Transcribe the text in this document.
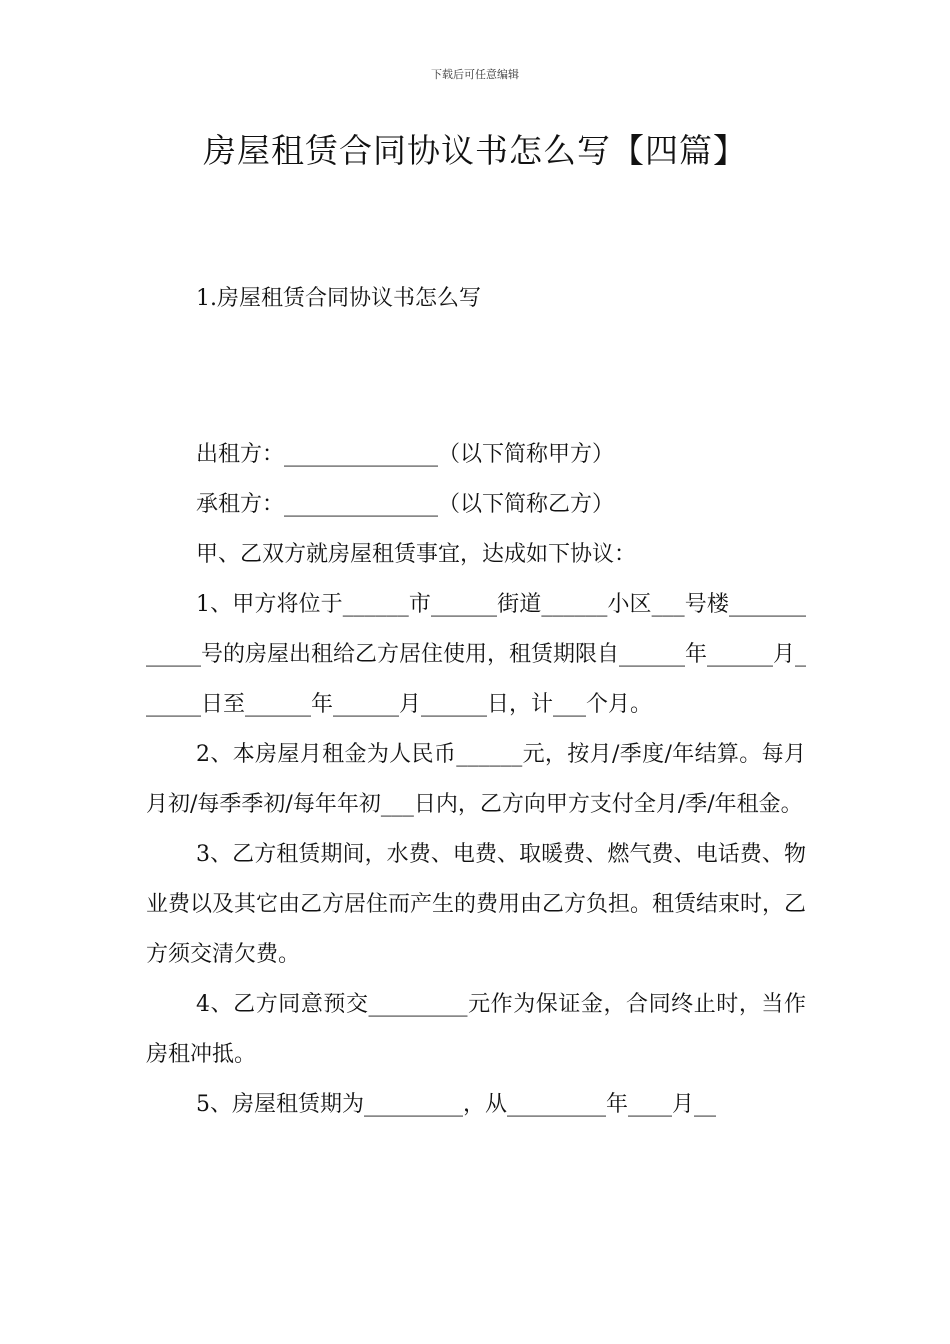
下载后可任意编辑
房屋租赁合同协议书怎么写【四篇】
1.房屋租赁合同协议书怎么写

出租方：______________（以下简称甲方）

承租方：______________（以下简称乙方）

甲、乙双方就房屋租赁事宜，达成如下协议：

1、甲方将位于______市______街道______小区___号楼____________号的房屋出租给乙方居住使用，租赁期限自______年______月______日至______年______月______日，计___个月。

2、本房屋月租金为人民币______元，按月/季度/年结算。每月月初/每季季初/每年年初___日内，乙方向甲方支付全月/季/年租金。

3、乙方租赁期间，水费、电费、取暖费、燃气费、电话费、物业费以及其它由乙方居住而产生的费用由乙方负担。租赁结束时，乙方须交清欠费。

4、乙方同意预交_________元作为保证金，合同终止时，当作房租冲抵。

5、房屋租赁期为_________，从_________年____月__
